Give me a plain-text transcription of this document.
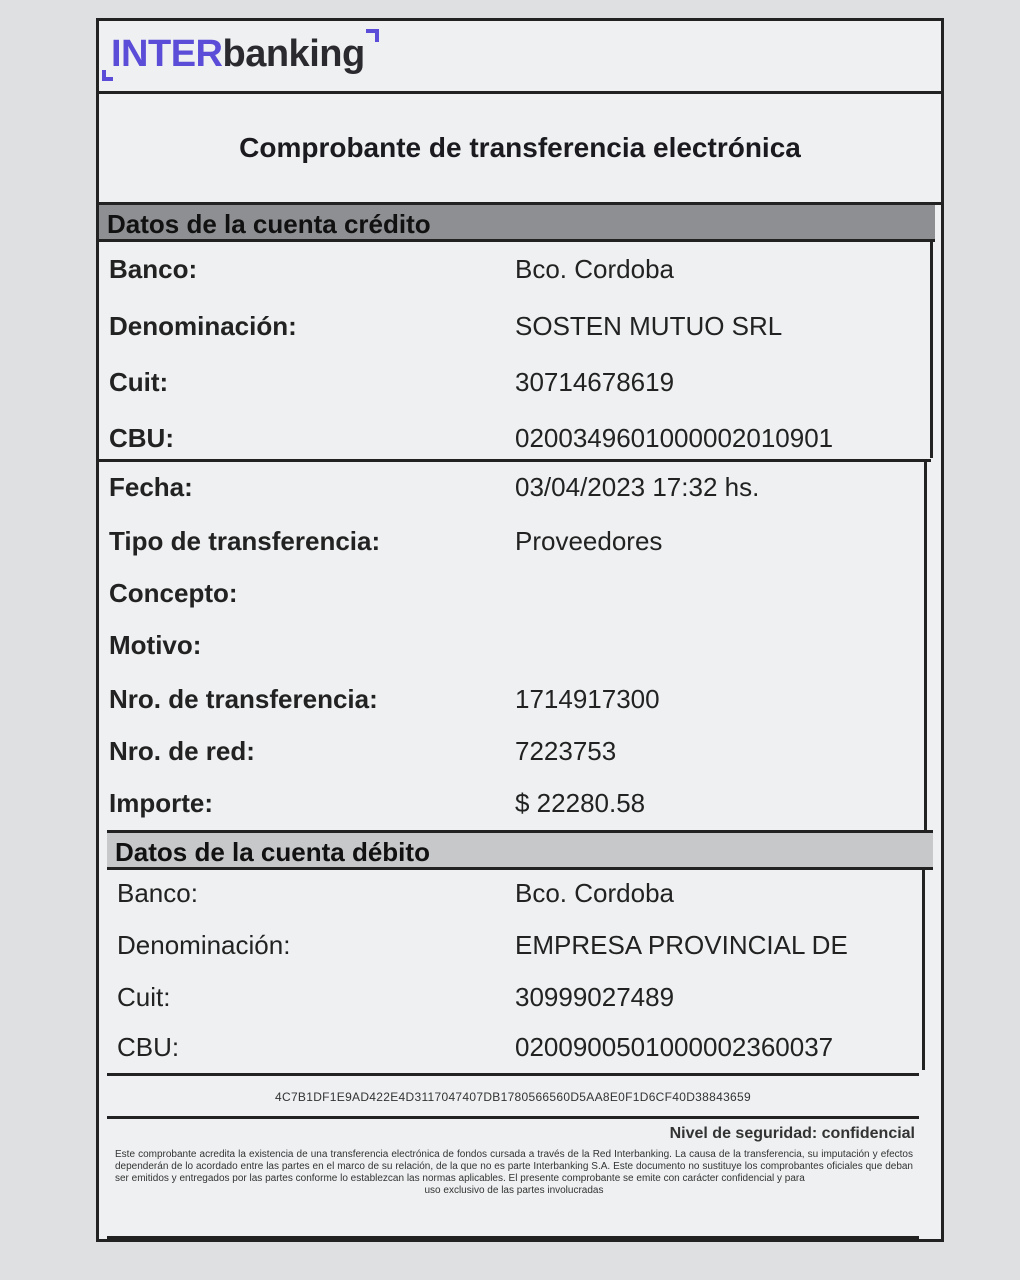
INTERbanking
Comprobante de transferencia electrónica
Datos de la cuenta crédito
Banco:	Bco. Cordoba
Denominación:	SOSTEN MUTUO SRL
Cuit:	30714678619
CBU:	0200349601000002010901
Fecha:	03/04/2023 17:32 hs.
Tipo de transferencia:	Proveedores
Concepto:
Motivo:
Nro. de transferencia:	1714917300
Nro. de red:	7223753
Importe:	$ 22280.58
Datos de la cuenta débito
Banco:	Bco. Cordoba
Denominación:	EMPRESA PROVINCIAL DE
Cuit:	30999027489
CBU:	0200900501000002360037
4C7B1DF1E9AD422E4D3117047407DB1780566560D5AA8E0F1D6CF40D38843659
Nivel de seguridad: confidencial
Este comprobante acredita la existencia de una transferencia electrónica de fondos cursada a través de la Red Interbanking. La causa de la transferencia, su imputación y efectos dependerán de lo acordado entre las partes en el marco de su relación, de la que no es parte Interbanking S.A. Este documento no sustituye los comprobantes oficiales que deban ser emitidos y entregados por las partes conforme lo establezcan las normas aplicables. El presente comprobante se emite con carácter confidencial y para
uso exclusivo de las partes involucradas
